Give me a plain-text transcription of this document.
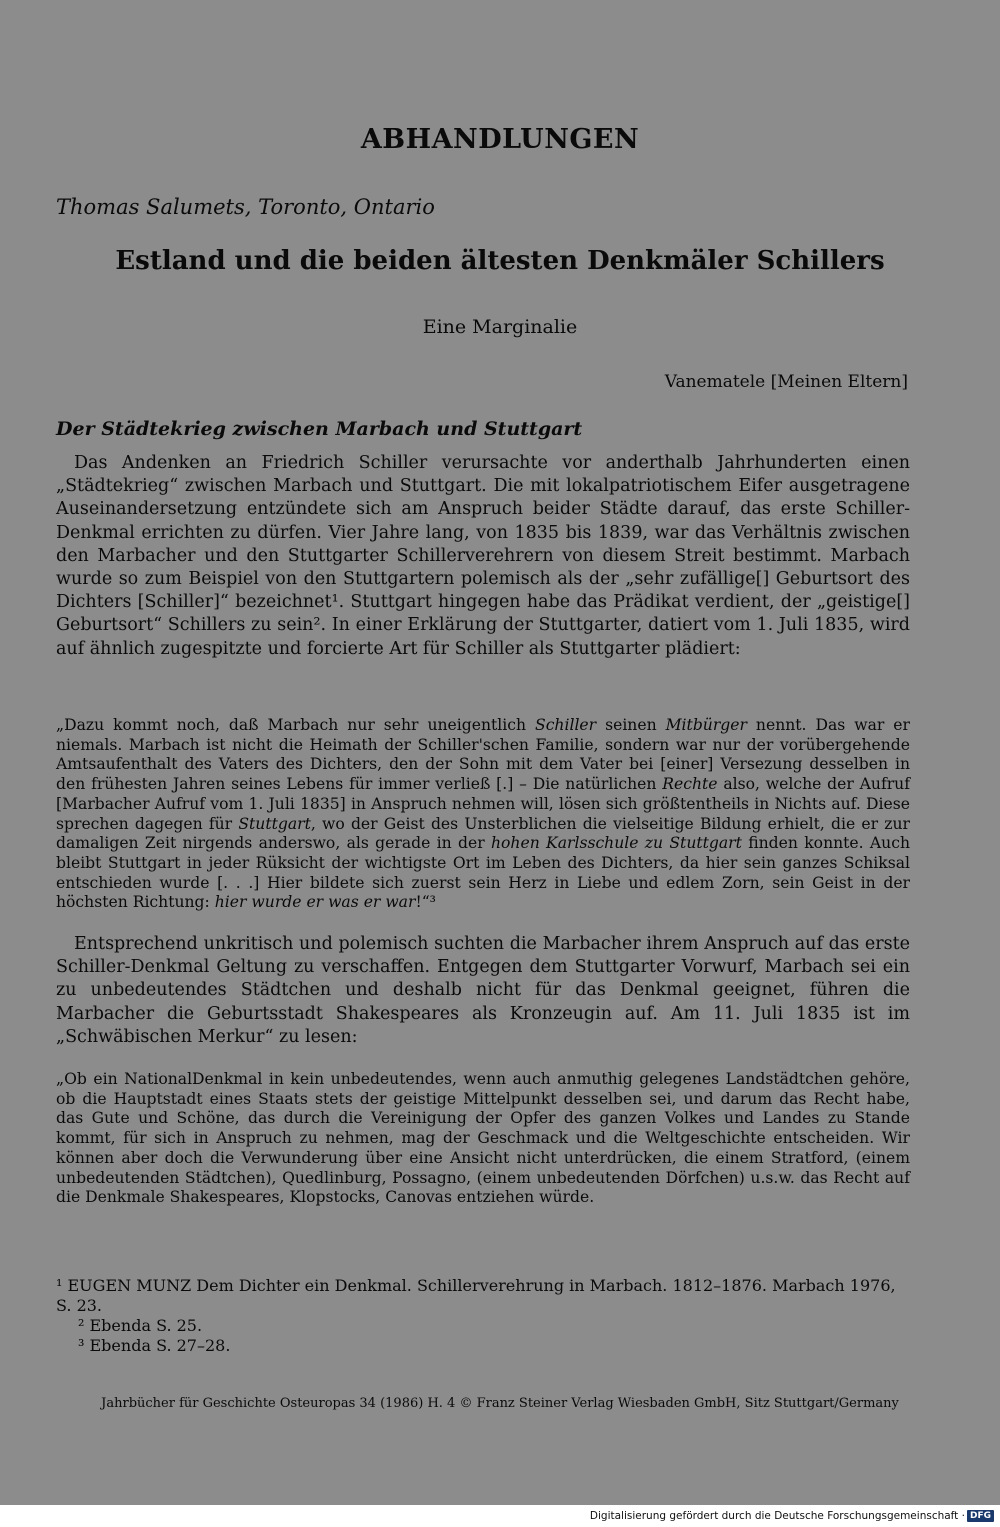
ABHANDLUNGEN

Thomas Salumets, Toronto, Ontario

Estland und die beiden ältesten Denkmäler Schillers

Eine Marginalie

Vanematele [Meinen Eltern]

Der Städtekrieg zwischen Marbach und Stuttgart

Das Andenken an Friedrich Schiller verursachte vor anderthalb Jahrhunderten einen „Städtekrieg“ zwischen Marbach und Stuttgart. Die mit lokalpatriotischem Eifer ausgetragene Auseinandersetzung entzündete sich am Anspruch beider Städte darauf, das erste Schiller-Denkmal errichten zu dürfen. Vier Jahre lang, von 1835 bis 1839, war das Verhältnis zwischen den Marbacher und den Stuttgarter Schillerverehrern von diesem Streit bestimmt. Marbach wurde so zum Beispiel von den Stuttgartern polemisch als der „sehr zufällige[] Geburtsort des Dichters [Schiller]“ bezeichnet¹. Stuttgart hingegen habe das Prädikat verdient, der „geistige[] Geburtsort“ Schillers zu sein². In einer Erklärung der Stuttgarter, datiert vom 1. Juli 1835, wird auf ähnlich zugespitzte und forcierte Art für Schiller als Stuttgarter plädiert:

„Dazu kommt noch, daß Marbach nur sehr uneigentlich Schiller seinen Mitbürger nennt. Das war er niemals. Marbach ist nicht die Heimath der Schiller'schen Familie, sondern war nur der vorübergehende Amtsaufenthalt des Vaters des Dichters, den der Sohn mit dem Vater bei [einer] Versezung desselben in den frühesten Jahren seines Lebens für immer verließ [.] – Die natürlichen Rechte also, welche der Aufruf [Marbacher Aufruf vom 1. Juli 1835] in Anspruch nehmen will, lösen sich größtentheils in Nichts auf. Diese sprechen dagegen für Stuttgart, wo der Geist des Unsterblichen die vielseitige Bildung erhielt, die er zur damaligen Zeit nirgends anderswo, als gerade in der hohen Karlsschule zu Stuttgart finden konnte. Auch bleibt Stuttgart in jeder Rüksicht der wichtigste Ort im Leben des Dichters, da hier sein ganzes Schiksal entschieden wurde [. . .] Hier bildete sich zuerst sein Herz in Liebe und edlem Zorn, sein Geist in der höchsten Richtung: hier wurde er was er war!“³

Entsprechend unkritisch und polemisch suchten die Marbacher ihrem Anspruch auf das erste Schiller-Denkmal Geltung zu verschaffen. Entgegen dem Stuttgarter Vorwurf, Marbach sei ein zu unbedeutendes Städtchen und deshalb nicht für das Denkmal geeignet, führen die Marbacher die Geburtsstadt Shakespeares als Kronzeugin auf. Am 11. Juli 1835 ist im „Schwäbischen Merkur“ zu lesen:

„Ob ein NationalDenkmal in kein unbedeutendes, wenn auch anmuthig gelegenes Landstädtchen gehöre, ob die Hauptstadt eines Staats stets der geistige Mittelpunkt desselben sei, und darum das Recht habe, das Gute und Schöne, das durch die Vereinigung der Opfer des ganzen Volkes und Landes zu Stande kommt, für sich in Anspruch zu nehmen, mag der Geschmack und die Weltgeschichte entscheiden. Wir können aber doch die Verwunderung über eine Ansicht nicht unterdrücken, die einem Stratford, (einem unbedeutenden Städtchen), Quedlinburg, Possagno, (einem unbedeutenden Dörfchen) u.s.w. das Recht auf die Denkmale Shakespeares, Klopstocks, Canovas entziehen würde.

¹ EUGEN MUNZ Dem Dichter ein Denkmal. Schillerverehrung in Marbach. 1812–1876. Marbach 1976, S. 23.

² Ebenda S. 25.

³ Ebenda S. 27–28.

Jahrbücher für Geschichte Osteuropas 34 (1986) H. 4 © Franz Steiner Verlag Wiesbaden GmbH, Sitz Stuttgart/Germany

Digitalisierung gefördert durch die Deutsche Forschungsgemeinschaft · DFG
